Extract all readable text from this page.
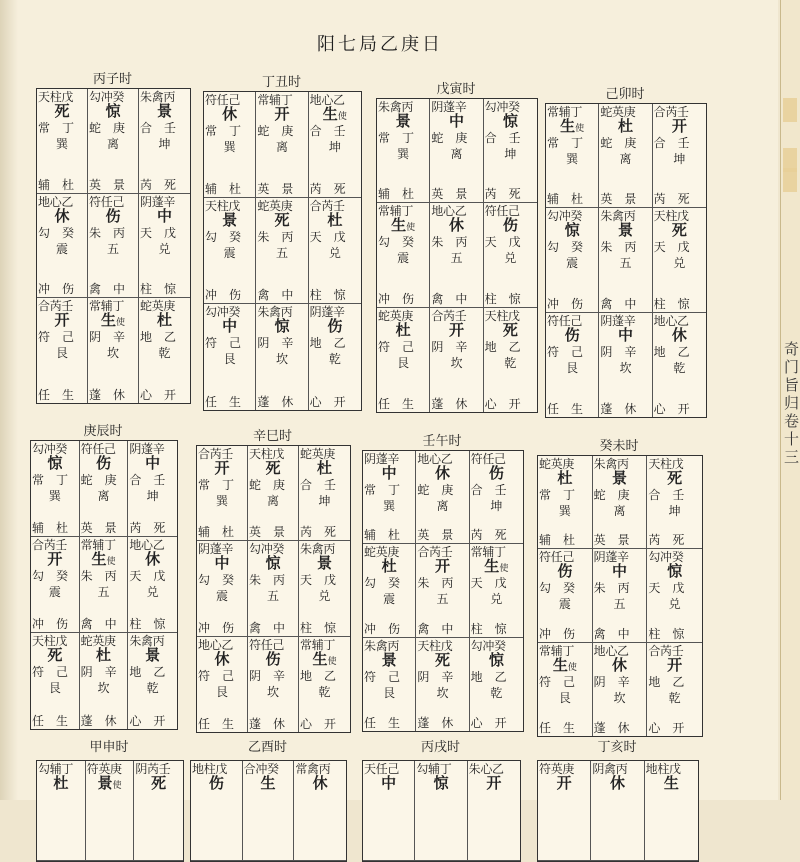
阳七局乙庚日
丙子时
天柱戊
死
常　丁
巽
辅　杜
勾冲癸
惊
蛇　庚
离
英　景
朱禽丙
景
合　壬
坤
芮　死
地心乙
休
勾　癸
震
冲　伤
符任己
伤
朱　丙
五
禽　中
阴蓬辛
中
天　戊
兑
柱　惊
合芮壬
开
符　己
艮
任　生
常辅丁
生使
阴　辛
坎
蓬　休
蛇英庚
杜
地　乙
乾
心　开
丁丑时
符任己
休
常　丁
巽
辅　杜
常辅丁
开
蛇　庚
离
英　景
地心乙
生使
合　壬
坤
芮　死
天柱戊
景
勾　癸
震
冲　伤
蛇英庚
死
朱　丙
五
禽　中
合芮壬
杜
天　戊
兑
柱　惊
勾冲癸
中
符　己
艮
任　生
朱禽丙
惊
阴　辛
坎
蓬　休
阴蓬辛
伤
地　乙
乾
心　开
戊寅时
朱禽丙
景
常　丁
巽
辅　杜
阴蓬辛
中
蛇　庚
离
英　景
勾冲癸
惊
合　壬
坤
芮　死
常辅丁
生使
勾　癸
震
冲　伤
地心乙
休
朱　丙
五
禽　中
符任己
伤
天　戊
兑
柱　惊
蛇英庚
杜
符　己
艮
任　生
合芮壬
开
阴　辛
坎
蓬　休
天柱戊
死
地　乙
乾
心　开
己卯时
常辅丁
生使
常　丁
巽
辅　杜
蛇英庚
杜
蛇　庚
离
英　景
合芮壬
开
合　壬
坤
芮　死
勾冲癸
惊
勾　癸
震
冲　伤
朱禽丙
景
朱　丙
五
禽　中
天柱戊
死
天　戊
兑
柱　惊
符任己
伤
符　己
艮
任　生
阴蓬辛
中
阴　辛
坎
蓬　休
地心乙
休
地　乙
乾
心　开
庚辰时
勾冲癸
惊
常　丁
巽
辅　杜
符任己
伤
蛇　庚
离
英　景
阴蓬辛
中
合　壬
坤
芮　死
合芮壬
开
勾　癸
震
冲　伤
常辅丁
生使
朱　丙
五
禽　中
地心乙
休
天　戊
兑
柱　惊
天柱戊
死
符　己
艮
任　生
蛇英庚
杜
阴　辛
坎
蓬　休
朱禽丙
景
地　乙
乾
心　开
辛巳时
合芮壬
开
常　丁
巽
辅　杜
天柱戊
死
蛇　庚
离
英　景
蛇英庚
杜
合　壬
坤
芮　死
阴蓬辛
中
勾　癸
震
冲　伤
勾冲癸
惊
朱　丙
五
禽　中
朱禽丙
景
天　戊
兑
柱　惊
地心乙
休
符　己
艮
任　生
符任己
伤
阴　辛
坎
蓬　休
常辅丁
生使
地　乙
乾
心　开
壬午时
阴蓬辛
中
常　丁
巽
辅　杜
地心乙
休
蛇　庚
离
英　景
符任己
伤
合　壬
坤
芮　死
蛇英庚
杜
勾　癸
震
冲　伤
合芮壬
开
朱　丙
五
禽　中
常辅丁
生使
天　戊
兑
柱　惊
朱禽丙
景
符　己
艮
任　生
天柱戊
死
阴　辛
坎
蓬　休
勾冲癸
惊
地　乙
乾
心　开
癸未时
蛇英庚
杜
常　丁
巽
辅　杜
朱禽丙
景
蛇　庚
离
英　景
天柱戊
死
合　壬
坤
芮　死
符任己
伤
勾　癸
震
冲　伤
阴蓬辛
中
朱　丙
五
禽　中
勾冲癸
惊
天　戊
兑
柱　惊
常辅丁
生使
符　己
艮
任　生
地心乙
休
阴　辛
坎
蓬　休
合芮壬
开
地　乙
乾
心　开
甲申时
勾辅丁
杜
符英庚
景使
阴芮壬
死
乙酉时
地柱戊
伤
合冲癸
生
常禽丙
休
丙戌时
天任己
中
勾辅丁
惊
朱心乙
开
丁亥时
符英庚
开
阴禽丙
休
地柱戊
生
奇门旨归卷十三
